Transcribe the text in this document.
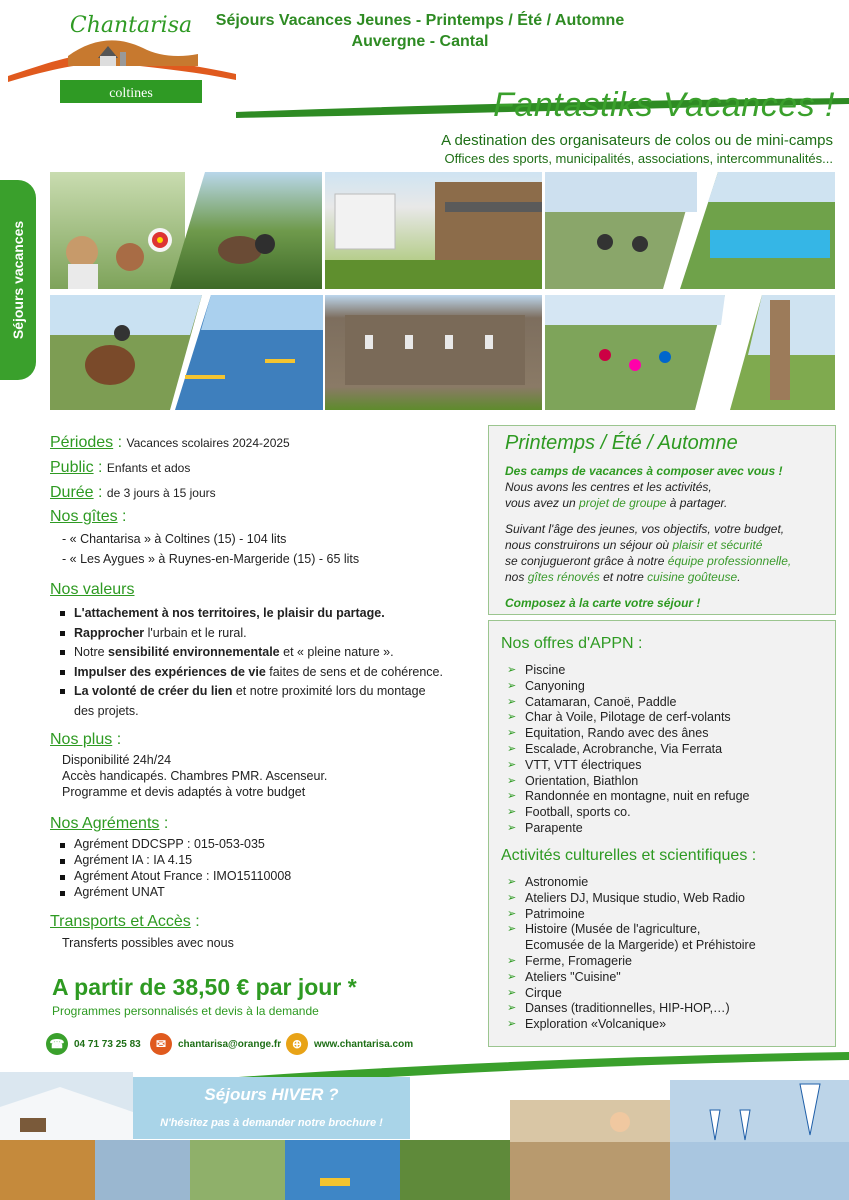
Chantarisa
coltines
Séjours Vacances Jeunes - Printemps / Été / Automne
Auvergne - Cantal
Fantastiks Vacances !
A destination des organisateurs de colos ou de mini-camps
Offices des sports, municipalités, associations, intercommunalités...
Séjours vacances
Périodes : Vacances scolaires 2024-2025
Public : Enfants et ados
Durée : de 3 jours à 15 jours
Nos gîtes :
- « Chantarisa » à Coltines (15) - 104 lits
- « Les Aygues » à Ruynes-en-Margeride (15) - 65 lits
Nos valeurs
L'attachement à nos territoires, le plaisir du partage.
Rapprocher l'urbain et le rural.
Notre sensibilité environnementale et « pleine nature ».
Impulser des expériences de vie faites de sens et de cohérence.
La volonté de créer du lien et notre proximité lors du montage des projets.
Nos plus :
Disponibilité 24h/24
Accès handicapés. Chambres PMR. Ascenseur.
Programme et devis adaptés à votre budget
Nos Agréments :
Agrément DDCSPP : 015-053-035
Agrément IA : IA 4.15
Agrément Atout France : IMO15110008
Agrément UNAT
Transports et Accès :
Transferts possibles avec nous
A partir de 38,50 € par jour *
Programmes personnalisés et devis à la demande
☎ 04 71 73 25 83	✉	chantarisa@orange.fr ⊕	www.chantarisa.com
Printemps / Été / Automne

Des camps de vacances à composer avec vous !

Nous avons les centres et les activités,

vous avez un projet de groupe à partager.

Suivant l'âge des jeunes, vos objectifs, votre budget,

nous construirons un séjour où plaisir et sécurité

se conjugueront grâce à notre équipe professionnelle,

nos gîtes rénovés et notre cuisine goûteuse.

Composez à la carte votre séjour !

Nos offres d'APPN :
➢ Piscine
➢ Canyoning
➢ Catamaran, Canoë, Paddle
➢ Char à Voile, Pilotage de cerf-volants
➢ Equitation, Rando avec des ânes
➢ Escalade, Acrobranche, Via Ferrata
➢ VTT, VTT électriques
➢ Orientation, Biathlon
➢ Randonnée en montagne, nuit en refuge
➢ Football, sports co.
➢ Parapente
Activités culturelles et scientifiques :
➢ Astronomie
➢ Ateliers DJ, Musique studio, Web Radio
➢ Patrimoine
➢ Histoire (Musée de l'agriculture,
Ecomusée de la Margeride) et Préhistoire
➢ Ferme, Fromagerie
➢ Ateliers "Cuisine"
➢ Cirque
➢ Danses (traditionnelles, HIP-HOP,…)
➢ Exploration «Volcanique»
Séjours HIVER ?
N'hésitez pas à demander notre brochure !
